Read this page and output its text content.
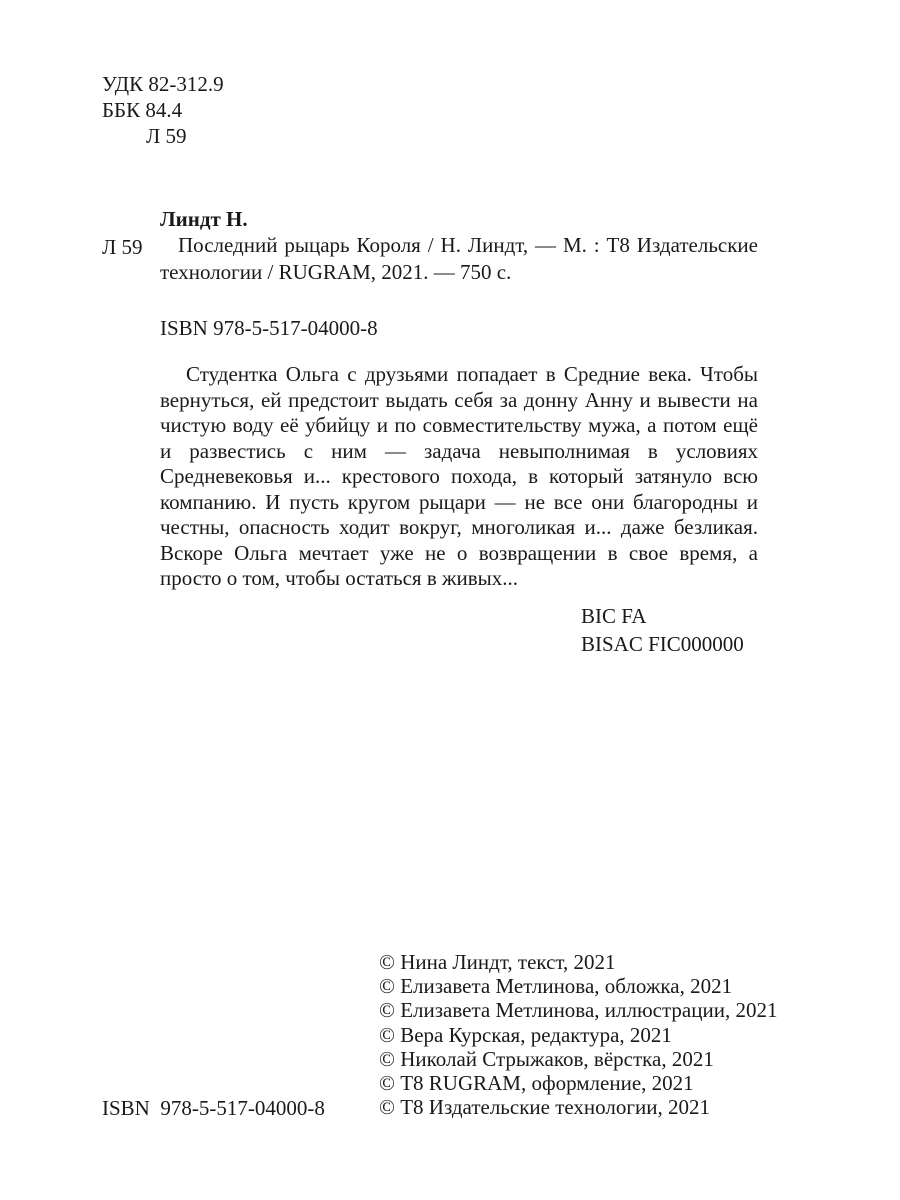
УДК 82-312.9
ББК 84.4
Л 59
Линдт Н.
Л 59	Последний рыцарь Короля / Н. Линдт, — М. : Т8 Издательские технологии / RUGRAM, 2021. — 750 с.
ISBN 978-5-517-04000-8
Студентка Ольга с друзьями попадает в Средние века. Чтобы вернуться, ей предстоит выдать себя за донну Анну и вывести на чистую воду её убийцу и по совместительству мужа, а потом ещё и развестись с ним — задача невыполнимая в условиях Средневековья и... крестового похода, в который затянуло всю компанию. И пусть кругом рыцари — не все они благородны и честны, опасность ходит вокруг, многоликая и... даже безликая. Вскоре Ольга мечтает уже не о возвращении в свое время, а просто о том, чтобы остаться в живых...
BIC FA
BISAC FIC000000
© Нина Линдт, текст, 2021
© Елизавета Метлинова, обложка, 2021
© Елизавета Метлинова, иллюстрации, 2021
© Вера Курская, редактура, 2021
© Николай Стрыжаков, вёрстка, 2021
© Т8 RUGRAM, оформление, 2021
© Т8 Издательские технологии, 2021
ISBN  978-5-517-04000-8
